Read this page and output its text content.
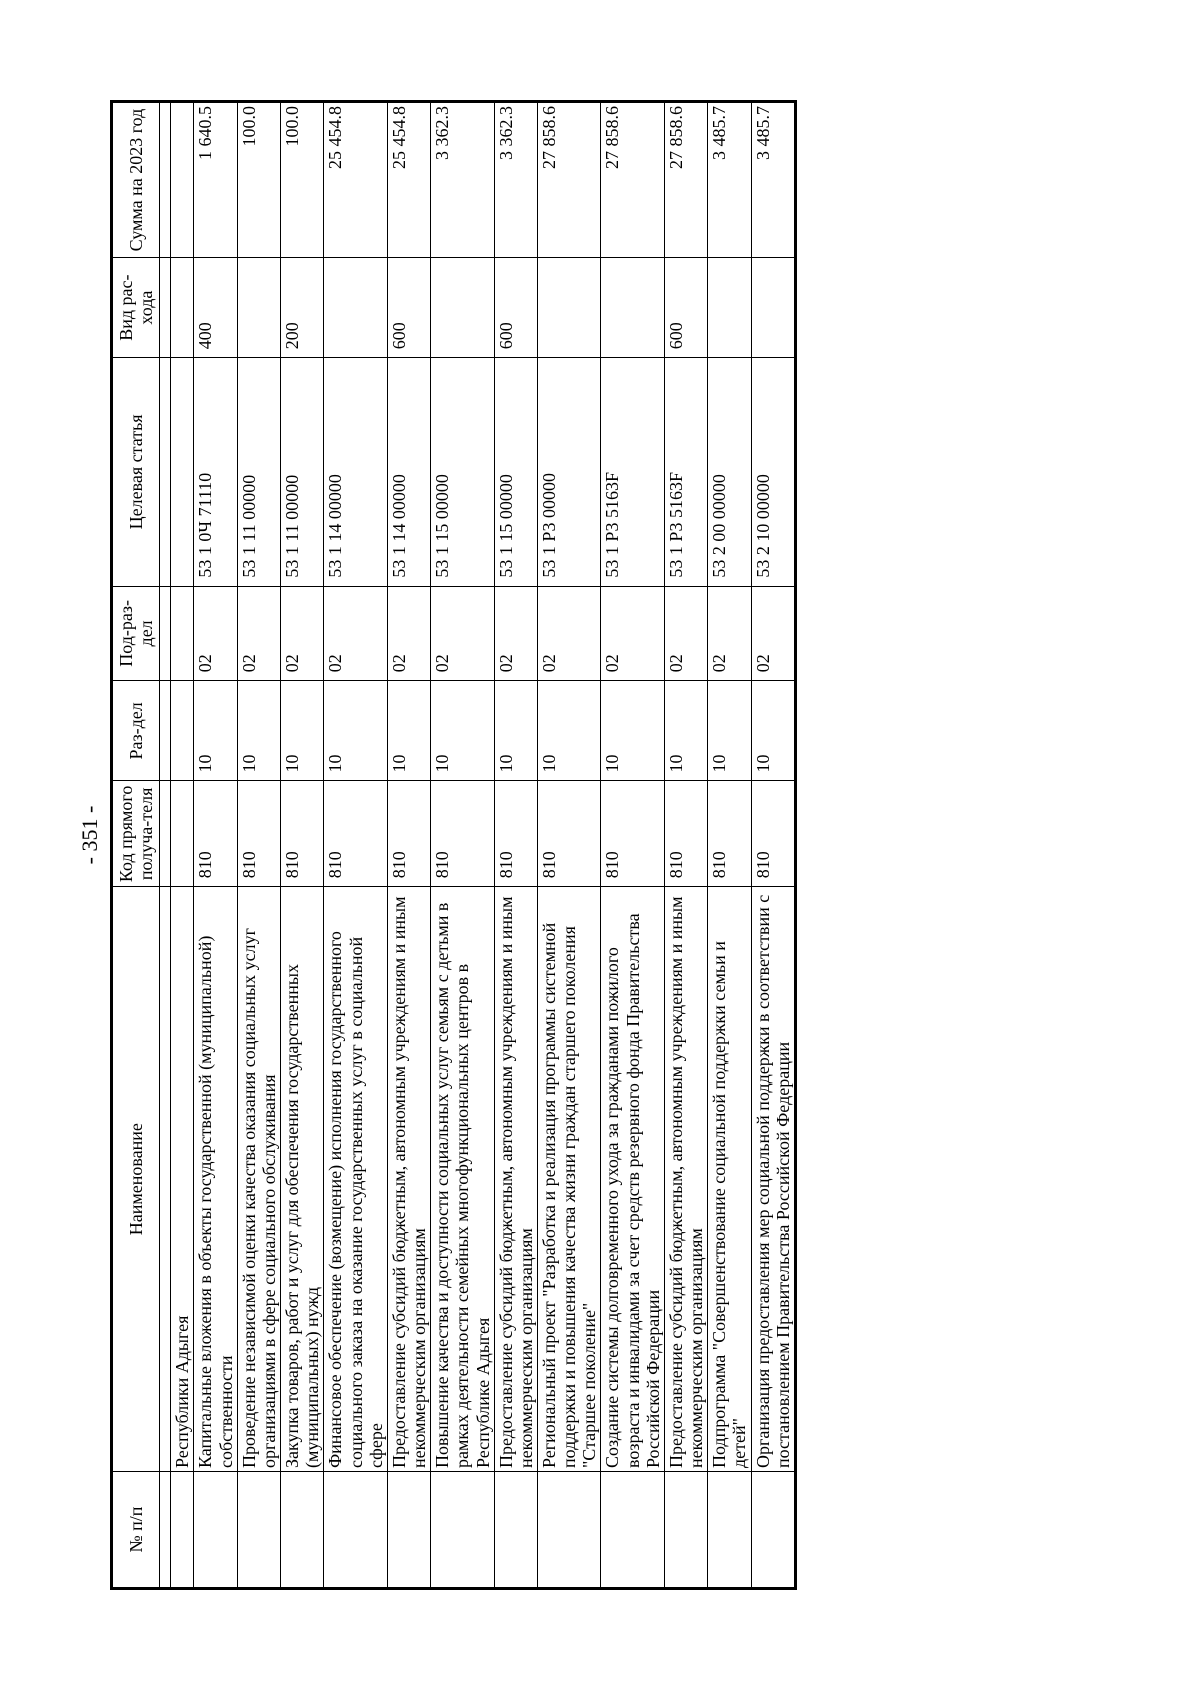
- 351 -
№ п/п	Наименование	Код прямого получа-теля	Раз-дел	Под-раз-дел	Целевая статья	Вид рас-хода	Сумма на 2023 год

	Республики Адыгея						
	Капитальные вложения в объекты государственной (муниципальной) собственности	810	10	02	53 1 0Ч 71110	400	1 640.5
	Проведение независимой оценки качества оказания социальных услуг организациями в сфере социального обслуживания	810	10	02	53 1 11 00000		100.0
	Закупка товаров, работ и услуг для обеспечения государственных (муниципальных) нужд	810	10	02	53 1 11 00000	200	100.0
	Финансовое обеспечение (возмещение) исполнения государственного социального заказа на оказание государственных услуг в социальной сфере	810	10	02	53 1 14 00000		25 454.8
	Предоставление субсидий бюджетным, автономным учреждениям и иным некоммерческим организациям	810	10	02	53 1 14 00000	600	25 454.8
	Повышение качества и доступности социальных услуг семьям с детьми в рамках деятельности семейных многофункциональных центров в Республике Адыгея	810	10	02	53 1 15 00000		3 362.3
	Предоставление субсидий бюджетным, автономным учреждениям и иным некоммерческим организациям	810	10	02	53 1 15 00000	600	3 362.3
	Региональный проект "Разработка и реализация программы системной поддержки и повышения качества жизни граждан старшего поколения "Старшее поколение"	810	10	02	53 1 P3 00000		27 858.6
	Создание системы долговременного ухода за гражданами пожилого возраста и инвалидами за счет средств резервного фонда Правительства Российской Федерации	810	10	02	53 1 P3 5163F		27 858.6
	Предоставление субсидий бюджетным, автономным учреждениям и иным некоммерческим организациям	810	10	02	53 1 P3 5163F	600	27 858.6
	Подпрограмма "Совершенствование социальной поддержки семьи и детей"	810	10	02	53 2 00 00000		3 485.7
	Организация предоставления мер социальной поддержки в соответствии с постановлением Правительства Российской Федерации	810	10	02	53 2 10 00000		3 485.7
